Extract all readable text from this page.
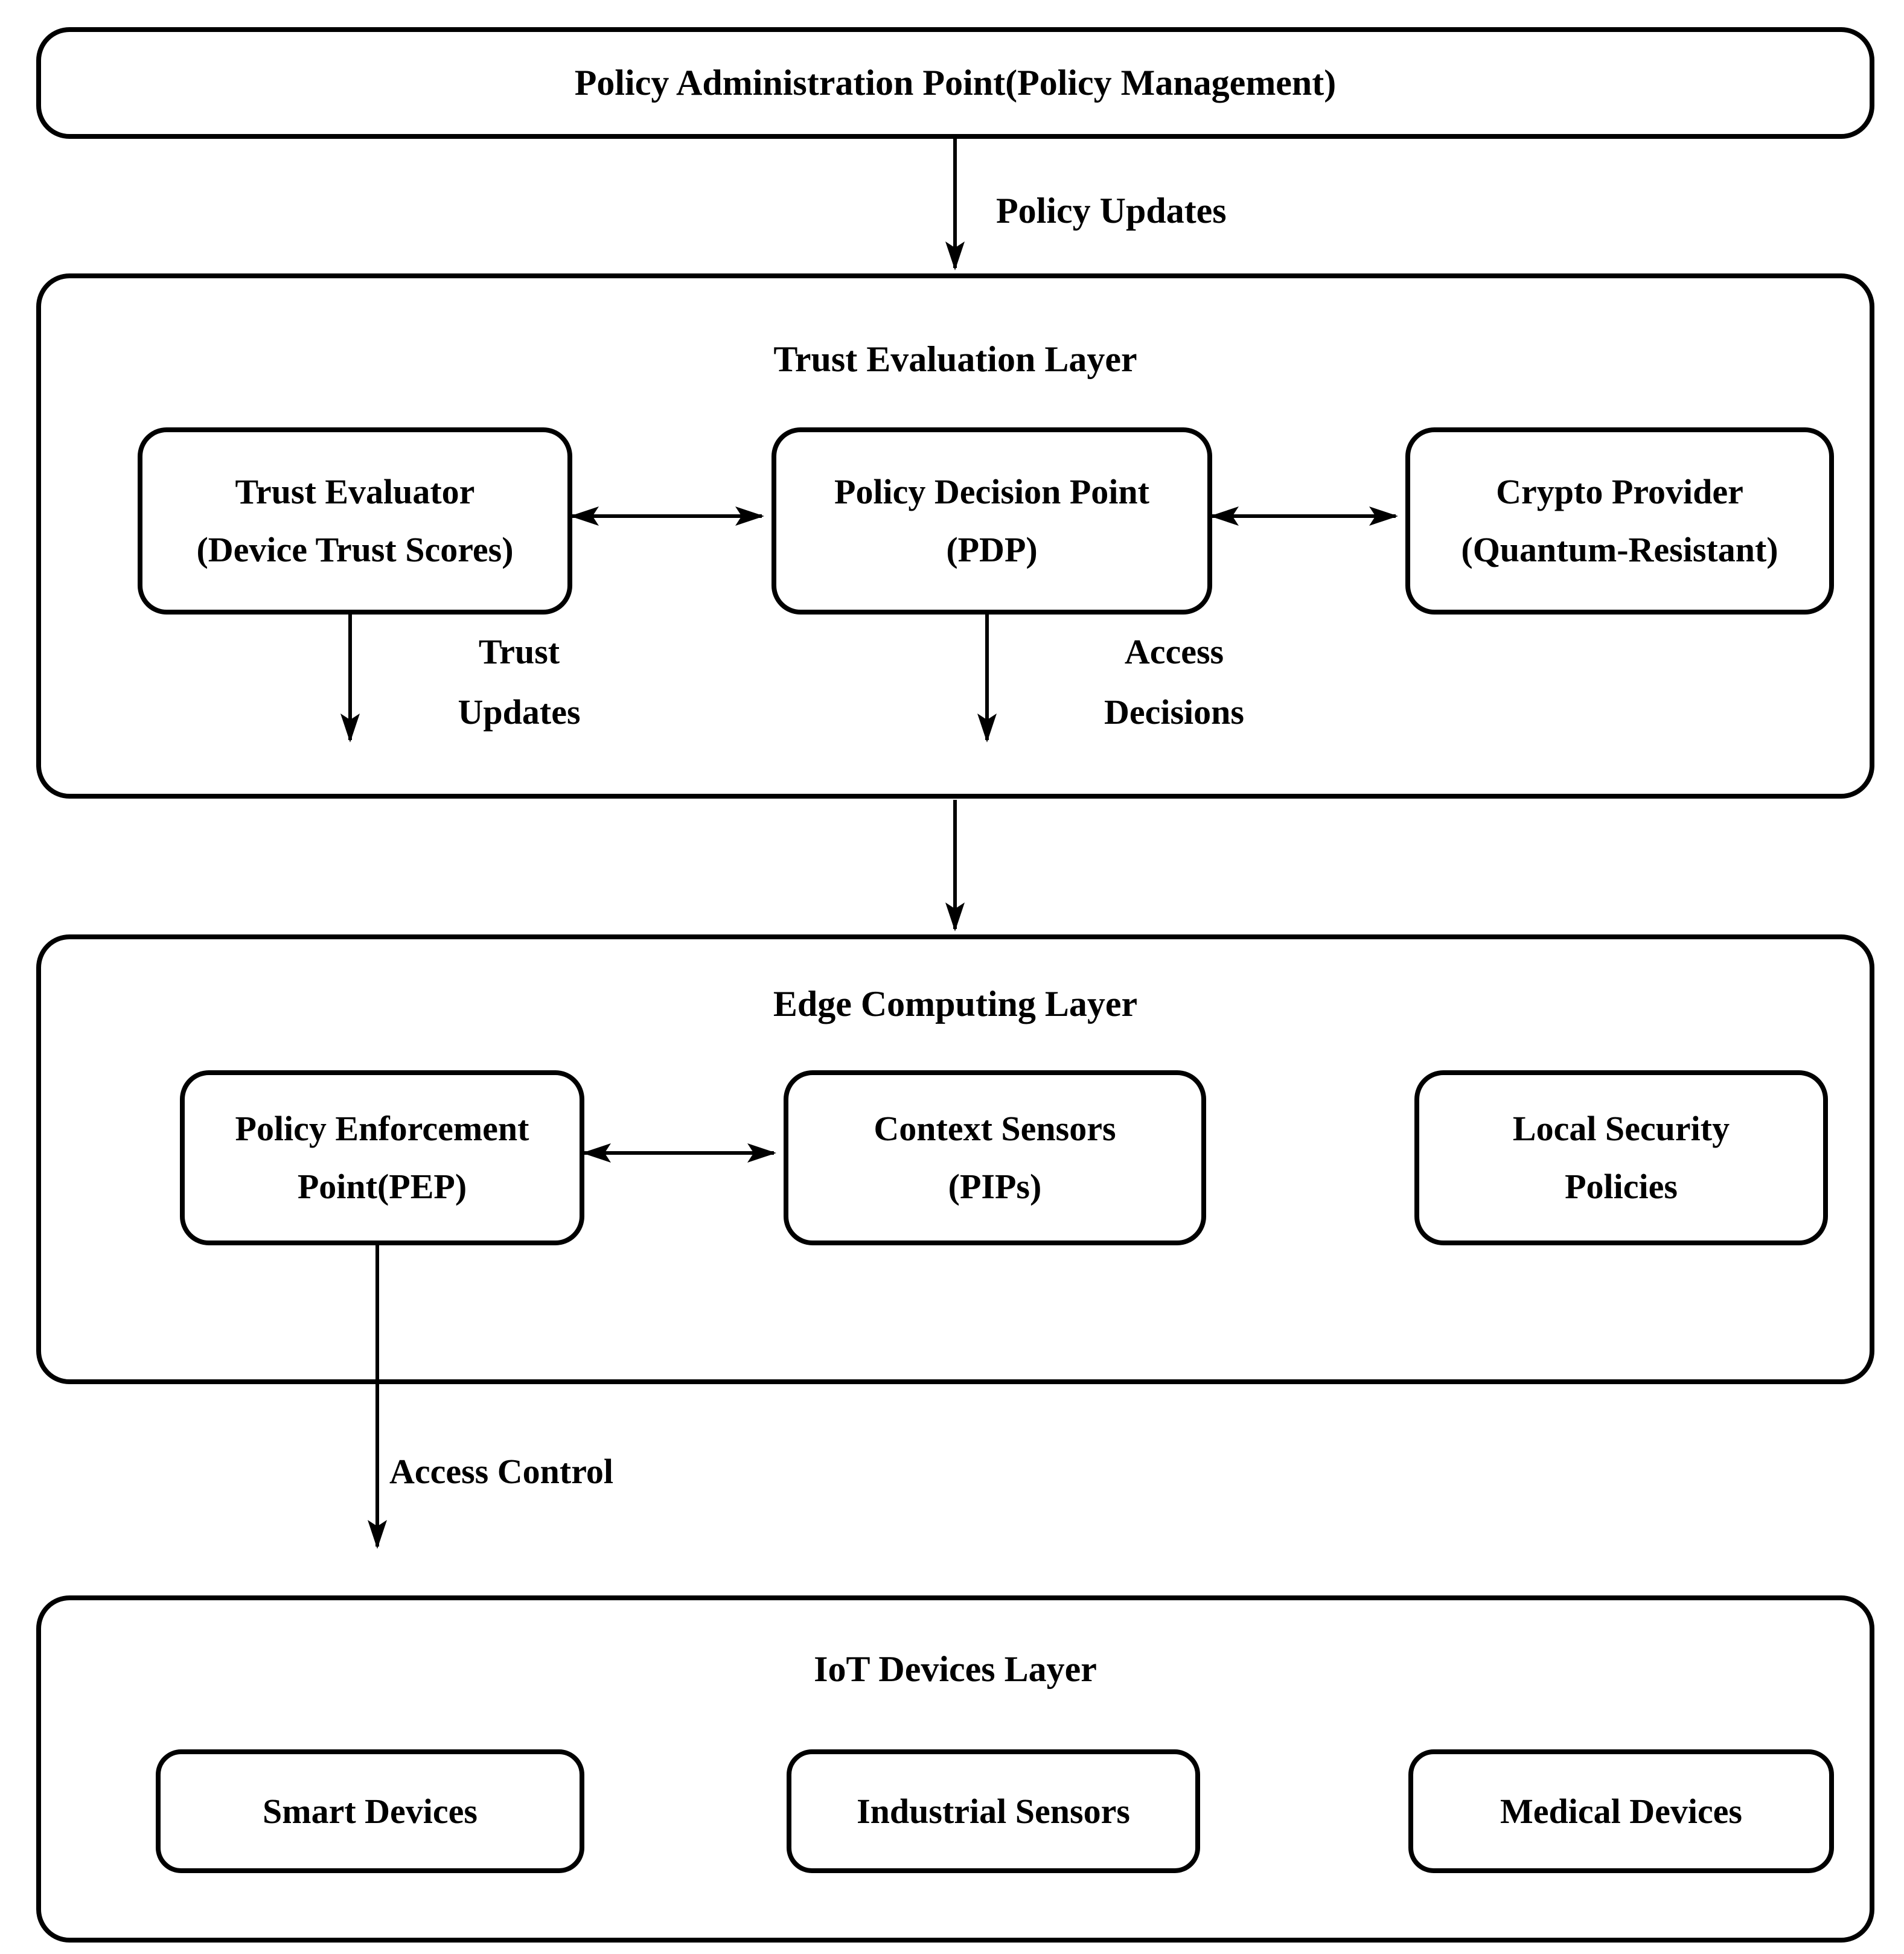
Policy Administration Point(Policy Management)
Trust Evaluation Layer
Trust Evaluator
(Device Trust Scores)
Policy Decision Point
(PDP)
Crypto Provider
(Quantum-Resistant)
Edge Computing Layer
Policy Enforcement
Point(PEP)
Context Sensors
(PIPs)
Local Security
Policies
IoT Devices Layer
Smart Devices	Industrial Sensors	Medical Devices
Policy Updates
Trust Updates
Access Decisions
Access Control
